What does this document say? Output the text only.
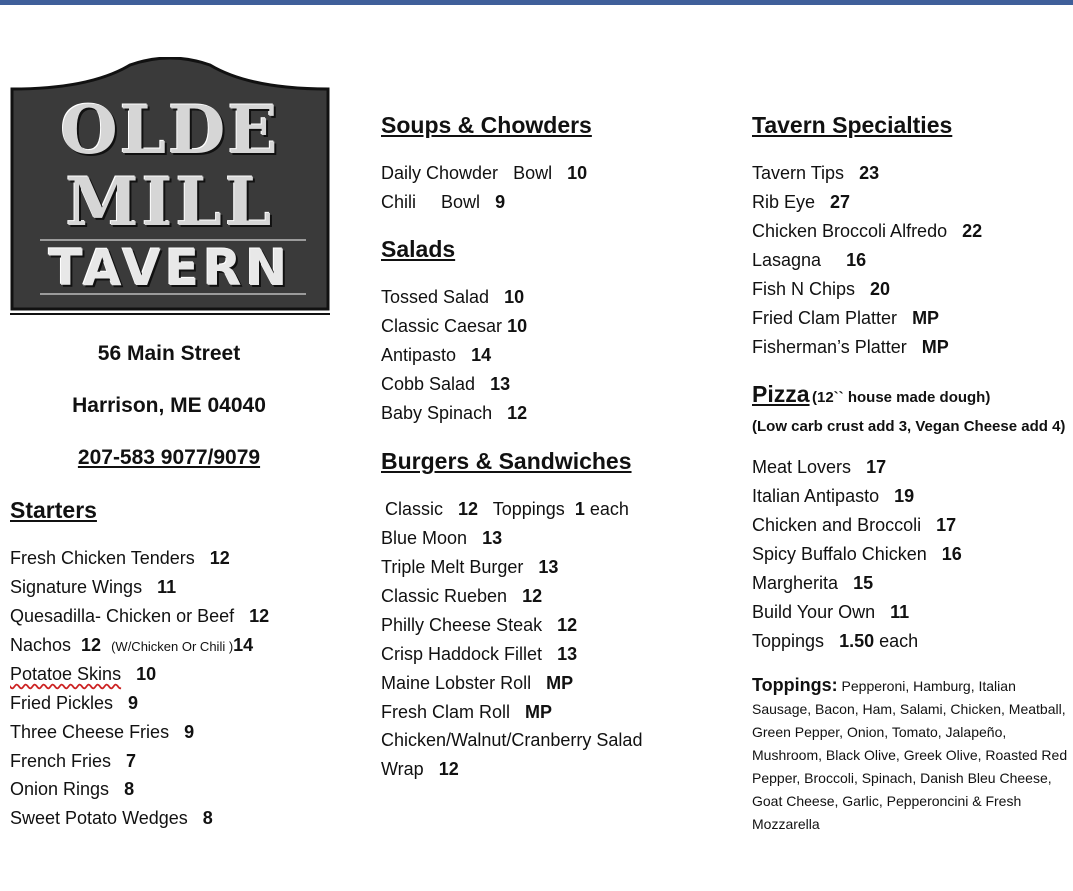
OLDE
MILL
TAVERN
56 Main Street
Harrison, ME 04040
207-583 9077/9079
Starters
Fresh Chicken Tenders 12
Signature Wings 11
Quesadilla- Chicken or Beef 12
Nachos 12 (W/Chicken Or Chili )14
Potatoe Skins 10
Fried Pickles 9
Three Cheese Fries 9
French Fries 7
Onion Rings 8
Sweet Potato Wedges 8
Soups & Chowders
Daily Chowder Bowl 10
Chili Bowl 9
Salads
Tossed Salad 10
Classic Caesar 10
Antipasto 14
Cobb Salad 13
Baby Spinach 12
Burgers & Sandwiches
Classic 12 Toppings 1 each
Blue Moon 13
Triple Melt Burger 13
Classic Rueben 12
Philly Cheese Steak 12
Crisp Haddock Fillet 13
Maine Lobster Roll MP
Fresh Clam Roll MP
Chicken/Walnut/Cranberry Salad
Wrap 12
Tavern Specialties
Tavern Tips 23
Rib Eye 27
Chicken Broccoli Alfredo 22
Lasagna 16
Fish N Chips 20
Fried Clam Platter MP
Fisherman’s Platter MP
Pizza (12`` house made dough)
(Low carb crust add 3, Vegan Cheese add 4)
Meat Lovers 17
Italian Antipasto 19
Chicken and Broccoli 17
Spicy Buffalo Chicken 16
Margherita 15
Build Your Own 11
Toppings 1.50 each
Toppings: Pepperoni, Hamburg, Italian Sausage, Bacon, Ham, Salami, Chicken, Meatball, Green Pepper, Onion, Tomato, Jalapeño, Mushroom, Black Olive, Greek Olive, Roasted Red Pepper, Broccoli, Spinach, Danish Bleu Cheese, Goat Cheese, Garlic, Pepperoncini & Fresh Mozzarella
